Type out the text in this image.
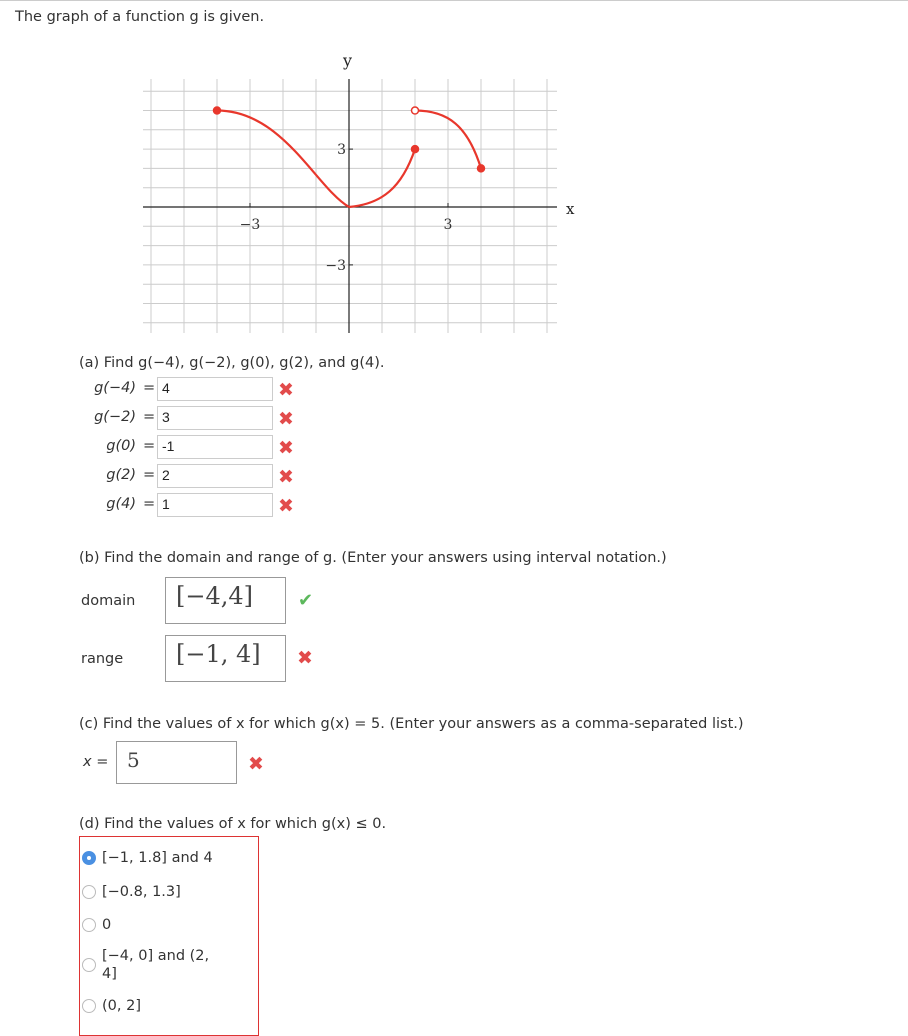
The graph of a function g is given.
x
y
−3	3
3
−3
(a) Find g(−4), g(−2), g(0), g(2), and g(4).
g(−4) = 4	✖
g(−2) = 3	✖
g(0) = -1	✖
g(2) = 2	✖
g(4) = 1	✖
(b) Find the domain and range of g. (Enter your answers using interval notation.)
domain	[−4,4]	✔
range	[−1, 4]	✖
(c) Find the values of x for which g(x) = 5. (Enter your answers as a comma-separated list.)
x = 5	✖
(d) Find the values of x for which g(x) ≤ 0.
[−1, 1.8] and 4
[−0.8, 1.3]
0
[−4, 0] and (2, 4]
(0, 2]
